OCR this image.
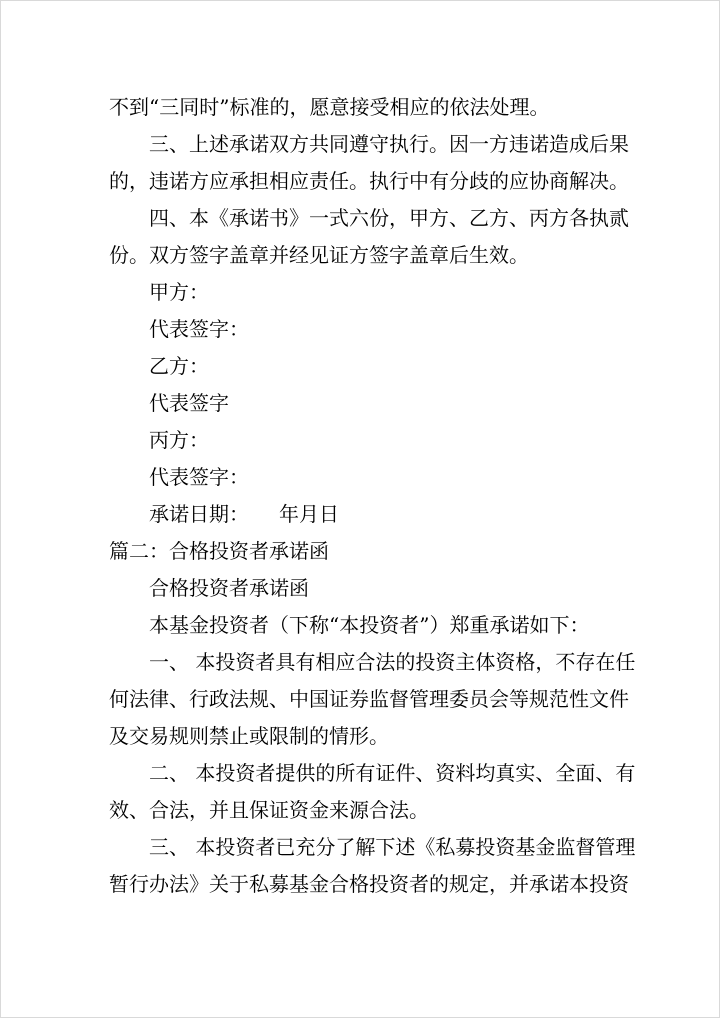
不到“三同时”标准的，愿意接受相应的依法处理。
三、上述承诺双方共同遵守执行。因一方违诺造成后果
的，违诺方应承担相应责任。执行中有分歧的应协商解决。
四、本《承诺书》一式六份，甲方、乙方、丙方各执贰
份。双方签字盖章并经见证方签字盖章后生效。
甲方：
代表签字：
乙方：
代表签字
丙方：
代表签字：
承诺日期： 年月日
篇二：合格投资者承诺函
合格投资者承诺函
本基金投资者（下称“本投资者”）郑重承诺如下：
一、 本投资者具有相应合法的投资主体资格，不存在任
何法律、行政法规、中国证券监督管理委员会等规范性文件
及交易规则禁止或限制的情形。
二、 本投资者提供的所有证件、资料均真实、全面、有
效、合法，并且保证资金来源合法。
三、 本投资者已充分了解下述《私募投资基金监督管理
暂行办法》关于私募基金合格投资者的规定，并承诺本投资
